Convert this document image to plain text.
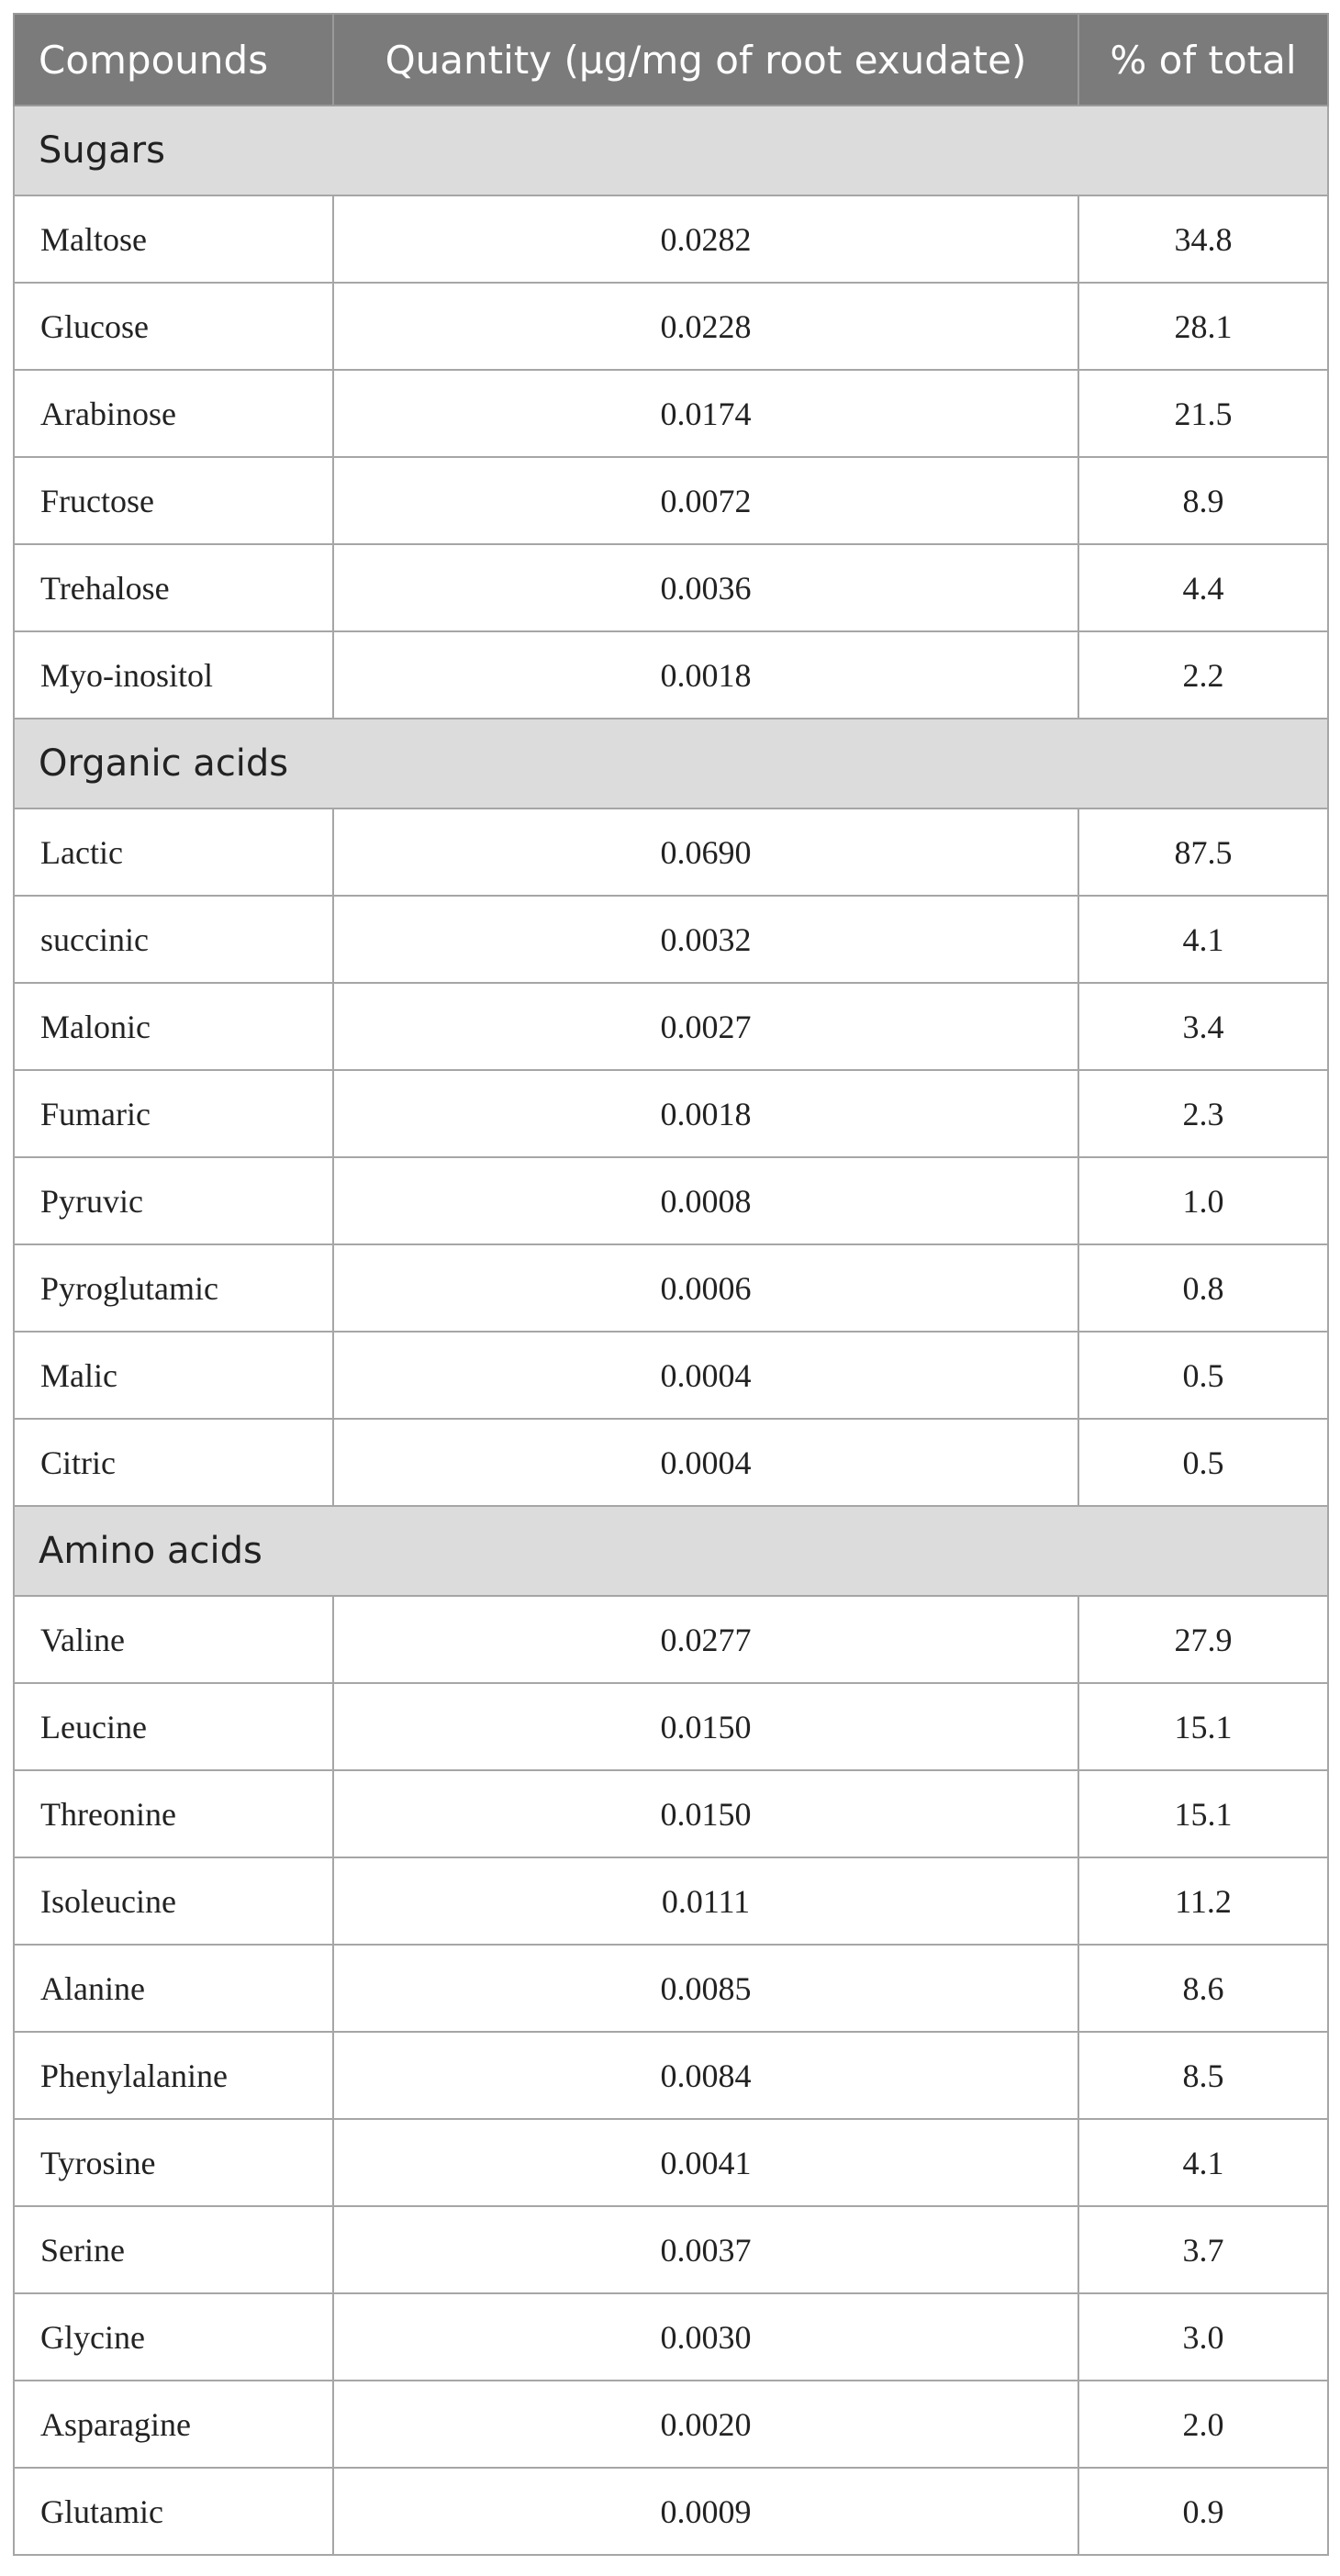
Compounds	Quantity (µg/mg of root exudate)	% of total
Sugars		
Maltose	0.0282	34.8
Glucose	0.0228	28.1
Arabinose	0.0174	21.5
Fructose	0.0072	8.9
Trehalose	0.0036	4.4
Myo-inositol	0.0018	2.2
Organic acids		
Lactic	0.0690	87.5
succinic	0.0032	4.1
Malonic	0.0027	3.4
Fumaric	0.0018	2.3
Pyruvic	0.0008	1.0
Pyroglutamic	0.0006	0.8
Malic	0.0004	0.5
Citric	0.0004	0.5
Amino acids		
Valine	0.0277	27.9
Leucine	0.0150	15.1
Threonine	0.0150	15.1
Isoleucine	0.0111	11.2
Alanine	0.0085	8.6
Phenylalanine	0.0084	8.5
Tyrosine	0.0041	4.1
Serine	0.0037	3.7
Glycine	0.0030	3.0
Asparagine	0.0020	2.0
Glutamic	0.0009	0.9
